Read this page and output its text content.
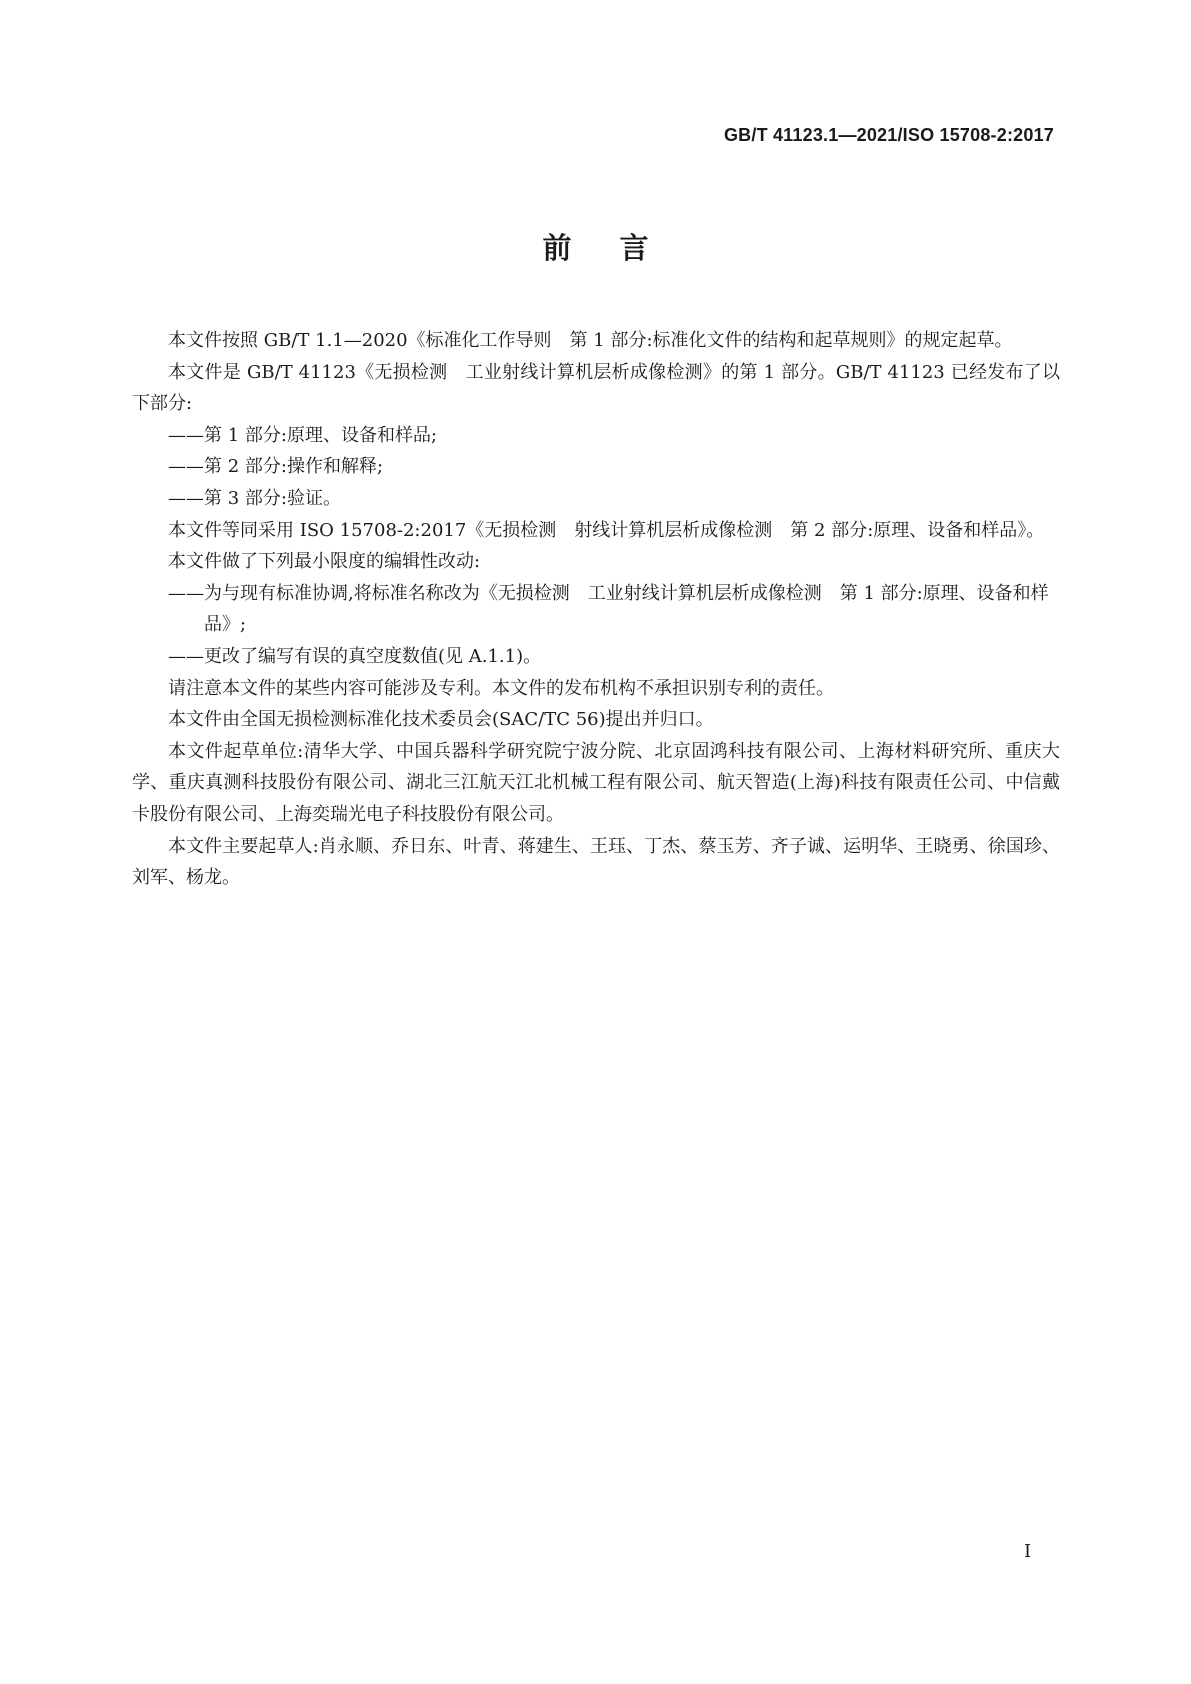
GB/T 41123.1—2021/ISO 15708-2:2017
前言

本文件按照 GB/T 1.1—2020《标准化工作导则　第 1 部分:标准化文件的结构和起草规则》的规定起草。

本文件是 GB/T 41123《无损检测　工业射线计算机层析成像检测》的第 1 部分。GB/T 41123 已经发布了以下部分:

——第 1 部分:原理、设备和样品;

——第 2 部分:操作和解释;

——第 3 部分:验证。

本文件等同采用 ISO 15708-2:2017《无损检测　射线计算机层析成像检测　第 2 部分:原理、设备和样品》。

本文件做了下列最小限度的编辑性改动:

——为与现有标准协调,将标准名称改为《无损检测　工业射线计算机层析成像检测　第 1 部分:原理、设备和样品》;

——更改了编写有误的真空度数值(见 A.1.1)。

请注意本文件的某些内容可能涉及专利。本文件的发布机构不承担识别专利的责任。

本文件由全国无损检测标准化技术委员会(SAC/TC 56)提出并归口。

本文件起草单位:清华大学、中国兵器科学研究院宁波分院、北京固鸿科技有限公司、上海材料研究所、重庆大学、重庆真测科技股份有限公司、湖北三江航天江北机械工程有限公司、航天智造(上海)科技有限责任公司、中信戴卡股份有限公司、上海奕瑞光电子科技股份有限公司。

本文件主要起草人:肖永顺、乔日东、叶青、蒋建生、王珏、丁杰、蔡玉芳、齐子诚、运明华、王晓勇、徐国珍、刘军、杨龙。

I
